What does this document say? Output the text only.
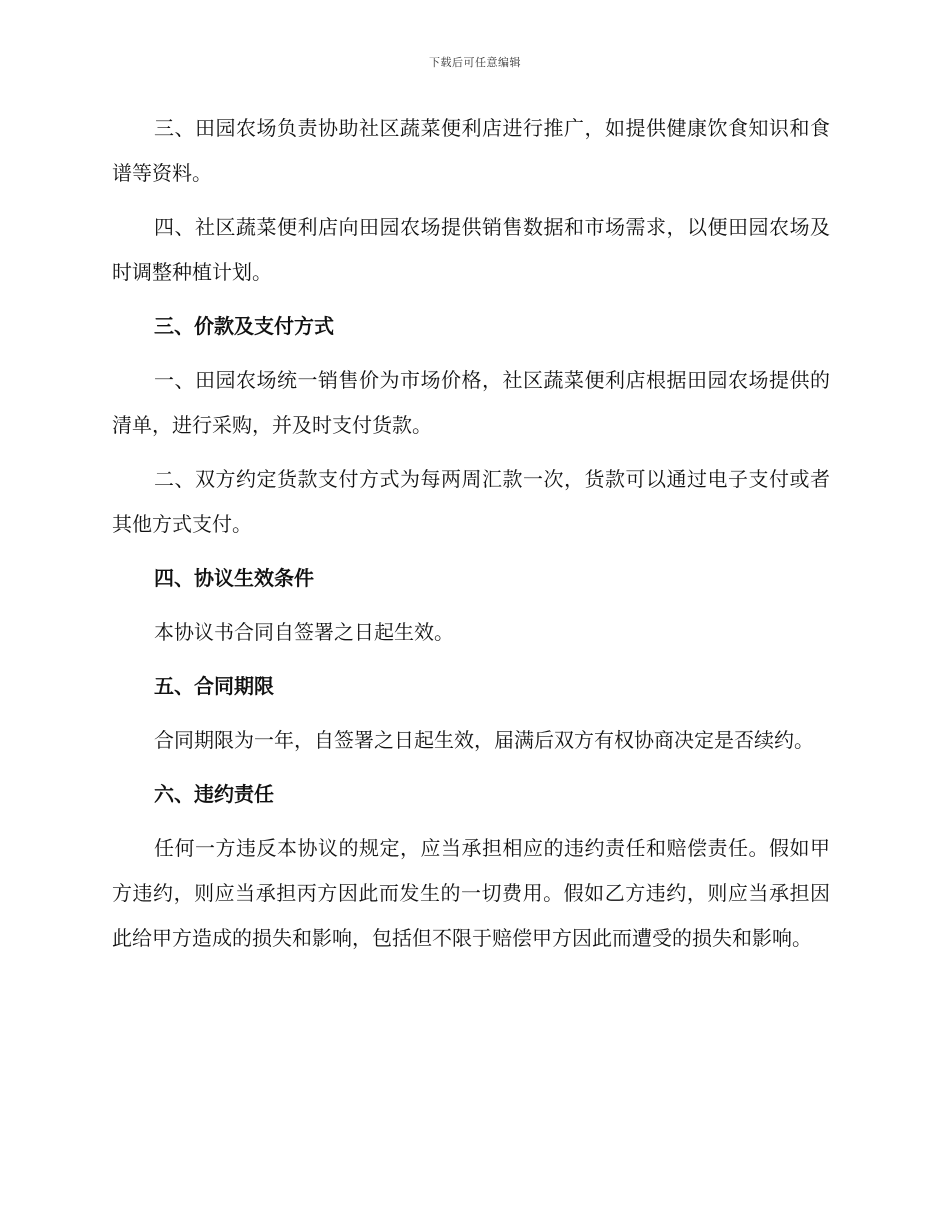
下载后可任意编辑

三、田园农场负责协助社区蔬菜便利店进行推广，如提供健康饮食知识和食谱等资料。

四、社区蔬菜便利店向田园农场提供销售数据和市场需求，以便田园农场及时调整种植计划。

三、价款及支付方式

一、田园农场统一销售价为市场价格，社区蔬菜便利店根据田园农场提供的清单，进行采购，并及时支付货款。

二、双方约定货款支付方式为每两周汇款一次，货款可以通过电子支付或者其他方式支付。

四、协议生效条件

本协议书合同自签署之日起生效。

五、合同期限

合同期限为一年，自签署之日起生效，届满后双方有权协商决定是否续约。

六、违约责任

任何一方违反本协议的规定，应当承担相应的违约责任和赔偿责任。假如甲方违约，则应当承担丙方因此而发生的一切费用。假如乙方违约，则应当承担因此给甲方造成的损失和影响，包括但不限于赔偿甲方因此而遭受的损失和影响。
